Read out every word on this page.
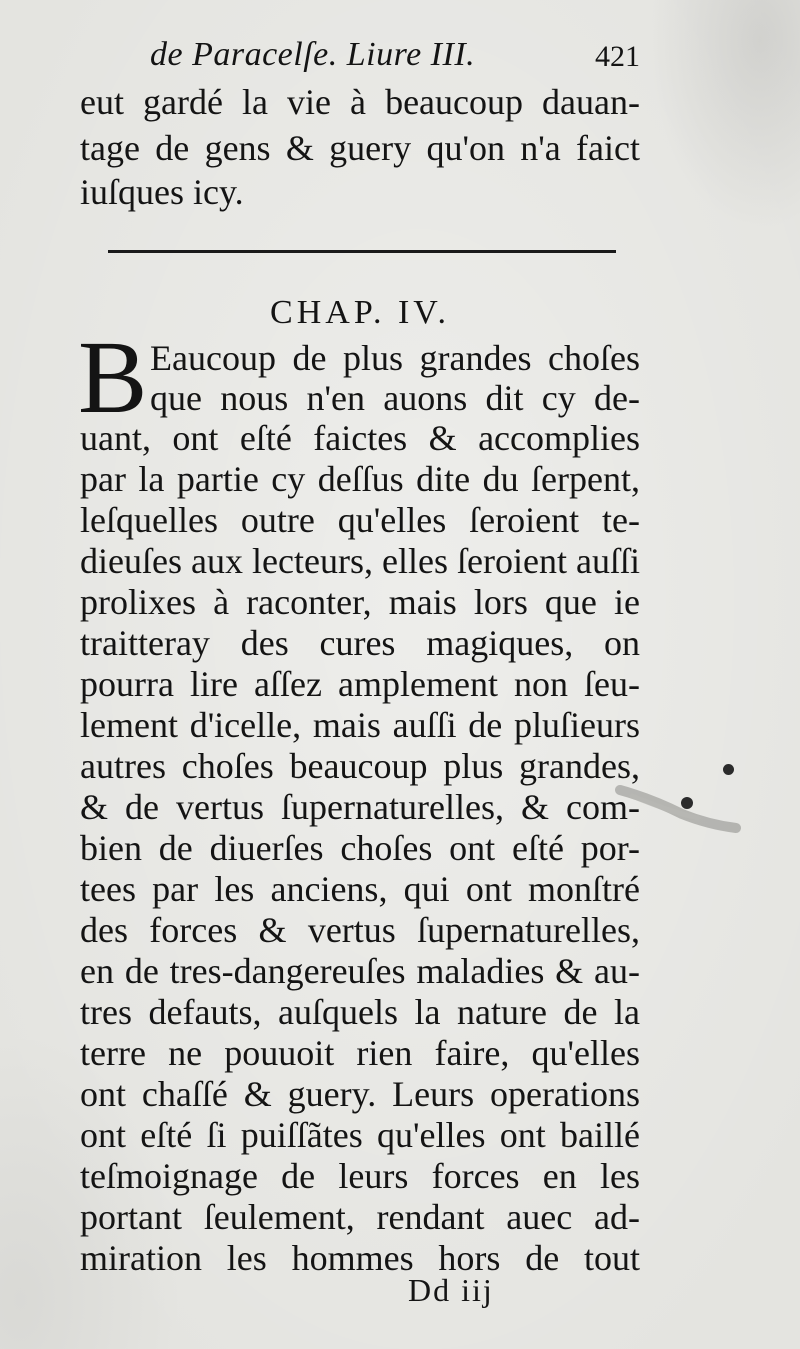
de Paracelſe. Liure III.	421
eut gardé la vie à beaucoup dauan-
tage de gens & guery qu'on n'a faict
iuſques icy.
CHAP. IV.
B Eaucoup de plus grandes choſes
que nous n'en auons dit cy de-
uant, ont eſté faictes & accomplies
par la partie cy deſſus dite du ſerpent,
leſquelles outre qu'elles ſeroient te-
dieuſes aux lecteurs, elles ſeroient auſſi
prolixes à raconter, mais lors que ie
traitteray des cures magiques, on
pourra lire aſſez amplement non ſeu-
lement d'icelle, mais auſſi de pluſieurs
autres choſes beaucoup plus grandes,
& de vertus ſupernaturelles, & com-
bien de diuerſes choſes ont eſté por-
tees par les anciens, qui ont monſtré
des forces & vertus ſupernaturelles,
en de tres-dangereuſes maladies & au-
tres defauts, auſquels la nature de la
terre ne pouuoit rien faire, qu'elles
ont chaſſé & guery. Leurs operations
ont eſté ſi puiſſãtes qu'elles ont baillé
teſmoignage de leurs forces en les
portant ſeulement, rendant auec ad-
miration les hommes hors de tout
Dd iij
